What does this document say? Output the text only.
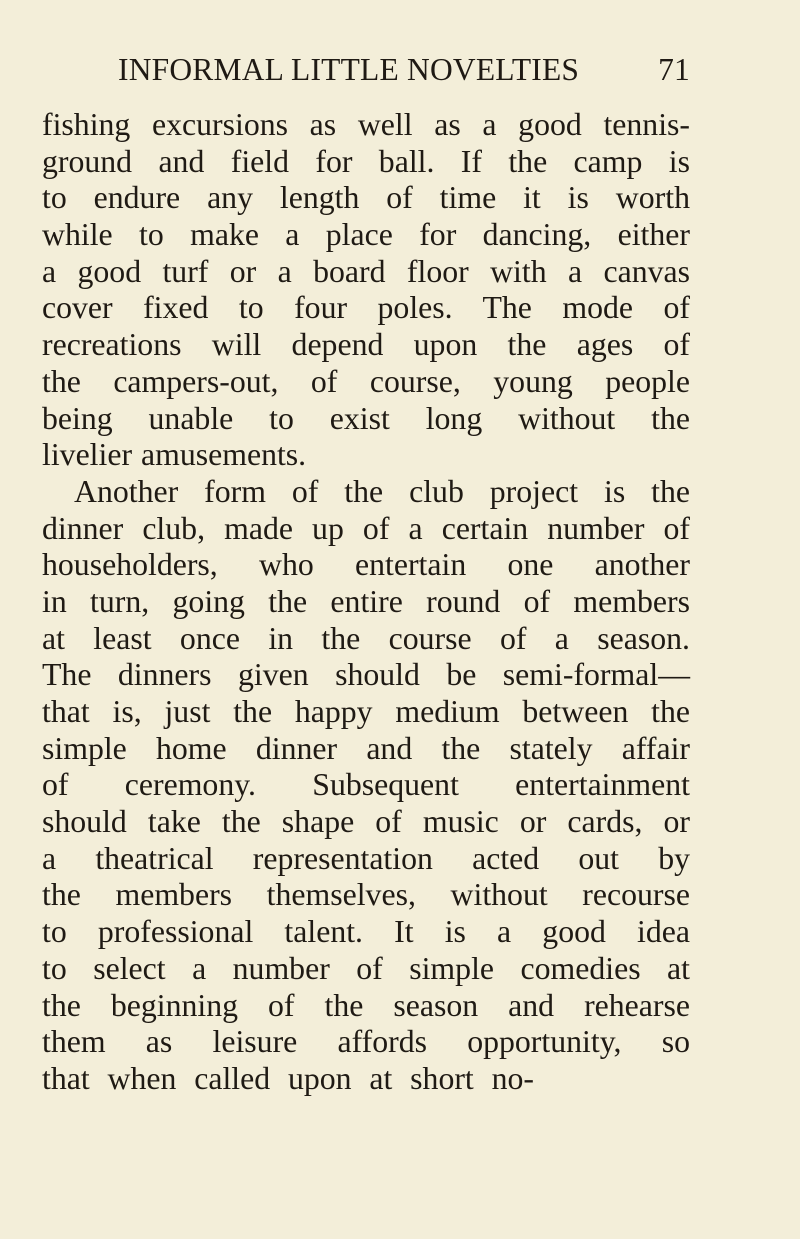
INFORMAL LITTLE NOVELTIES	71
fishing excursions as well as a good tennis-
ground and field for ball. If the camp is
to endure any length of time it is worth
while to make a place for dancing, either
a good turf or a board floor with a canvas
cover fixed to four poles. The mode of
recreations will depend upon the ages of
the campers-out, of course, young people
being unable to exist long without the
livelier amusements.
Another form of the club project is the
dinner club, made up of a certain number of
householders, who entertain one another
in turn, going the entire round of members
at least once in the course of a season.
The dinners given should be semi-formal—
that is, just the happy medium between the
simple home dinner and the stately affair
of ceremony. Subsequent entertainment
should take the shape of music or cards, or
a theatrical representation acted out by
the members themselves, without recourse
to professional talent. It is a good idea
to select a number of simple comedies at
the beginning of the season and rehearse
them as leisure affords opportunity, so
that when called upon at short no-
